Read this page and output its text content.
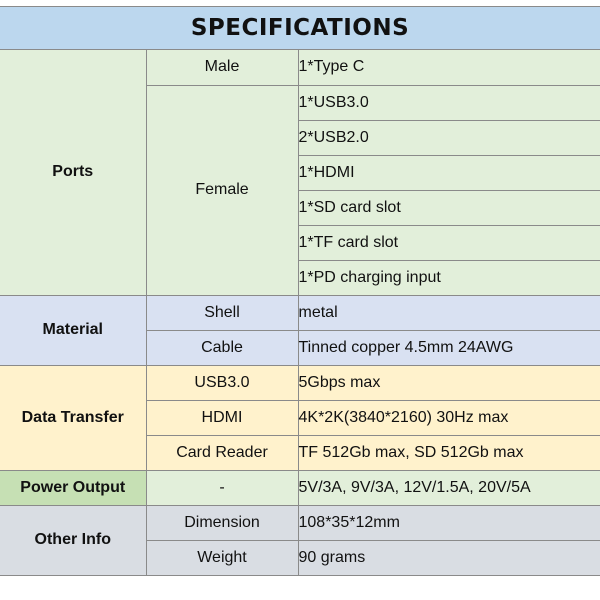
SPECIFICATIONS
Ports	Male	1*Type C
	Female	1*USB3.0
		2*USB2.0
		1*HDMI
		1*SD card slot
		1*TF card slot
		1*PD charging input
Material	Shell	metal
	Cable	Tinned copper 4.5mm 24AWG
Data Transfer	USB3.0	5Gbps max
	HDMI	4K*2K(3840*2160) 30Hz max
	Card Reader	TF 512Gb max, SD 512Gb max
Power Output	-	5V/3A, 9V/3A, 12V/1.5A, 20V/5A
Other Info	Dimension	108*35*12mm
	Weight	90 grams
